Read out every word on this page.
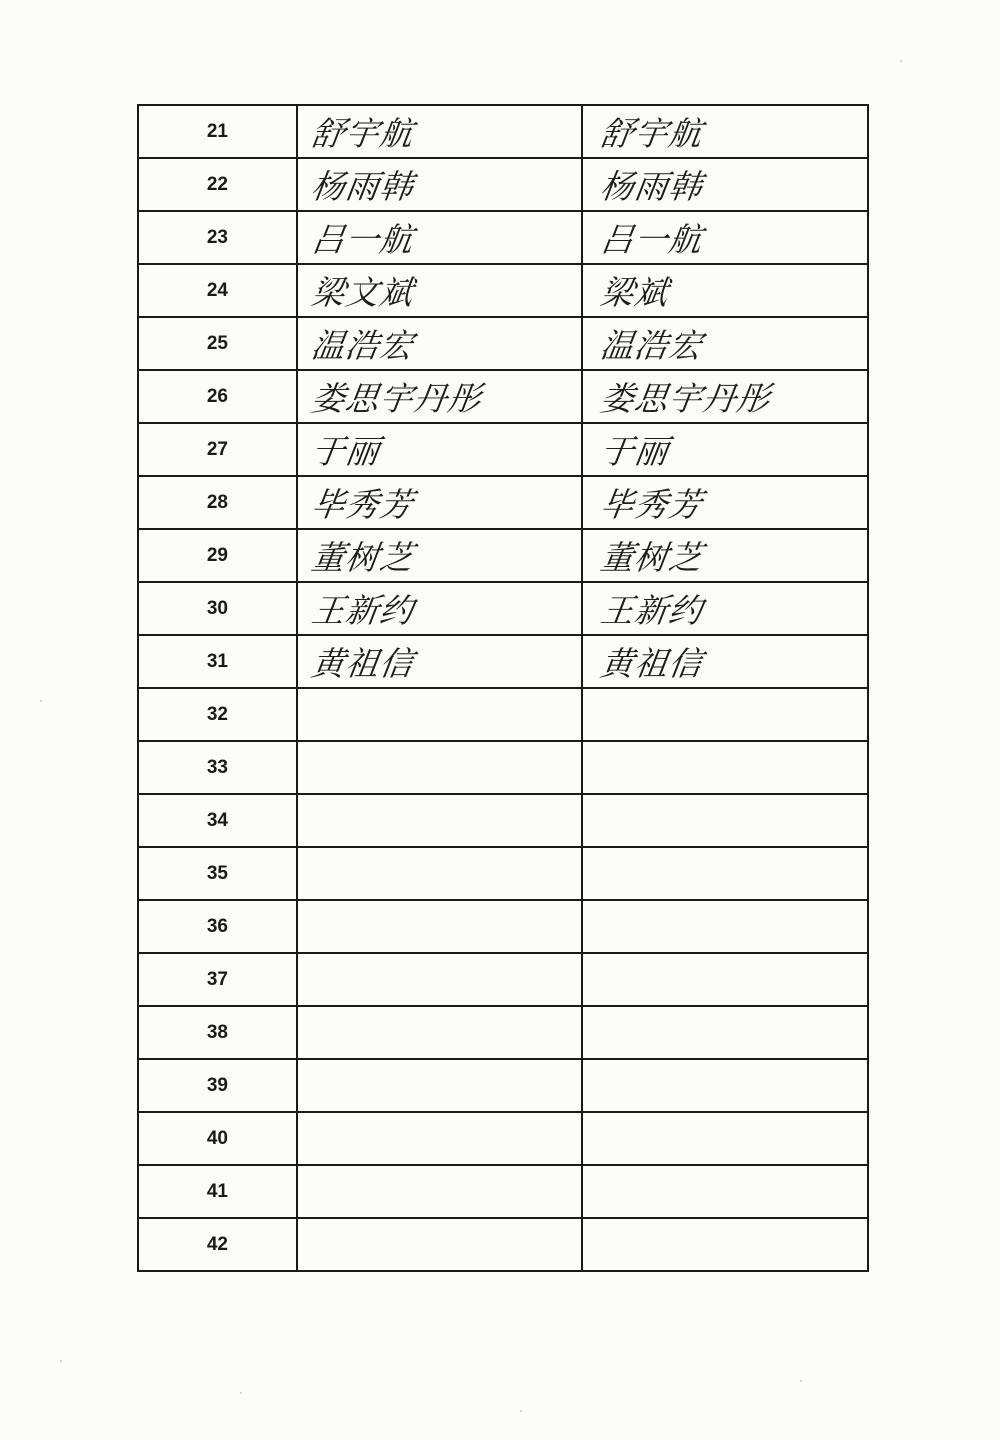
21	舒宇航	舒宇航
22	杨雨韩	杨雨韩
23	吕一航	吕一航
24	梁文斌	梁斌
25	温浩宏	温浩宏
26	娄思宇丹彤	娄思宇丹彤
27	于丽	于丽
28	毕秀芳	毕秀芳
29	董树芝	董树芝
30	王新约	王新约
31	黄祖信	黄祖信
32		
33		
34		
35		
36		
37		
38		
39		
40		
41		
42		
